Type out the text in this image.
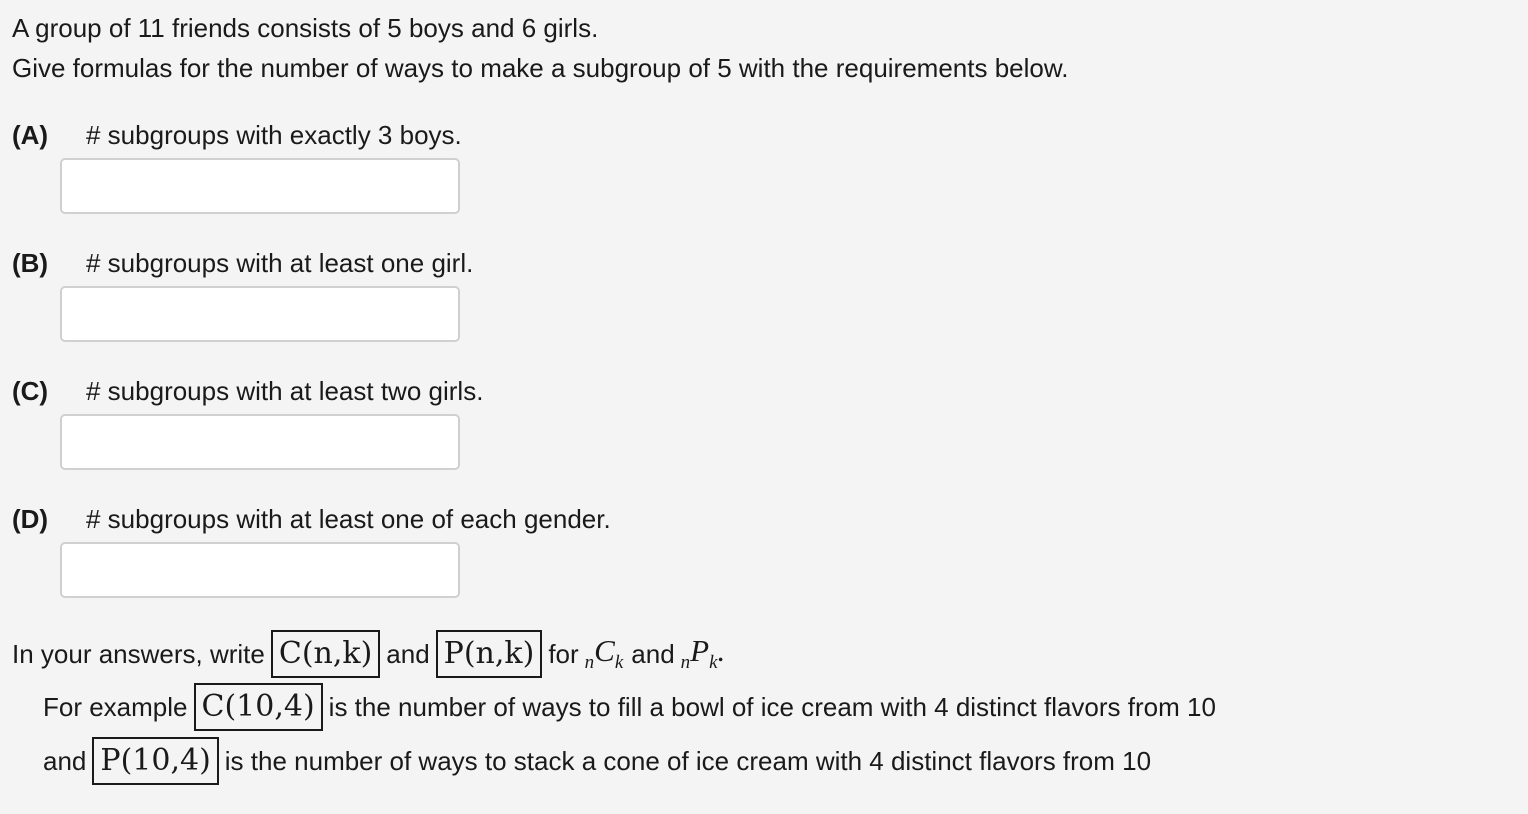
A group of 11 friends consists of 5 boys and 6 girls.
Give formulas for the number of ways to make a subgroup of 5 with the requirements below.
(A) # subgroups with exactly 3 boys.
(B) # subgroups with at least one girl.
(C) # subgroups with at least two girls.
(D) # subgroups with at least one of each gender.
In your answers, write C(n,k) and P(n,k) for $_nC_k$ and $_nP_k$.
For example C(10,4) is the number of ways to fill a bowl of ice cream with 4 distinct flavors from 10
and P(10,4) is the number of ways to stack a cone of ice cream with 4 distinct flavors from 10
